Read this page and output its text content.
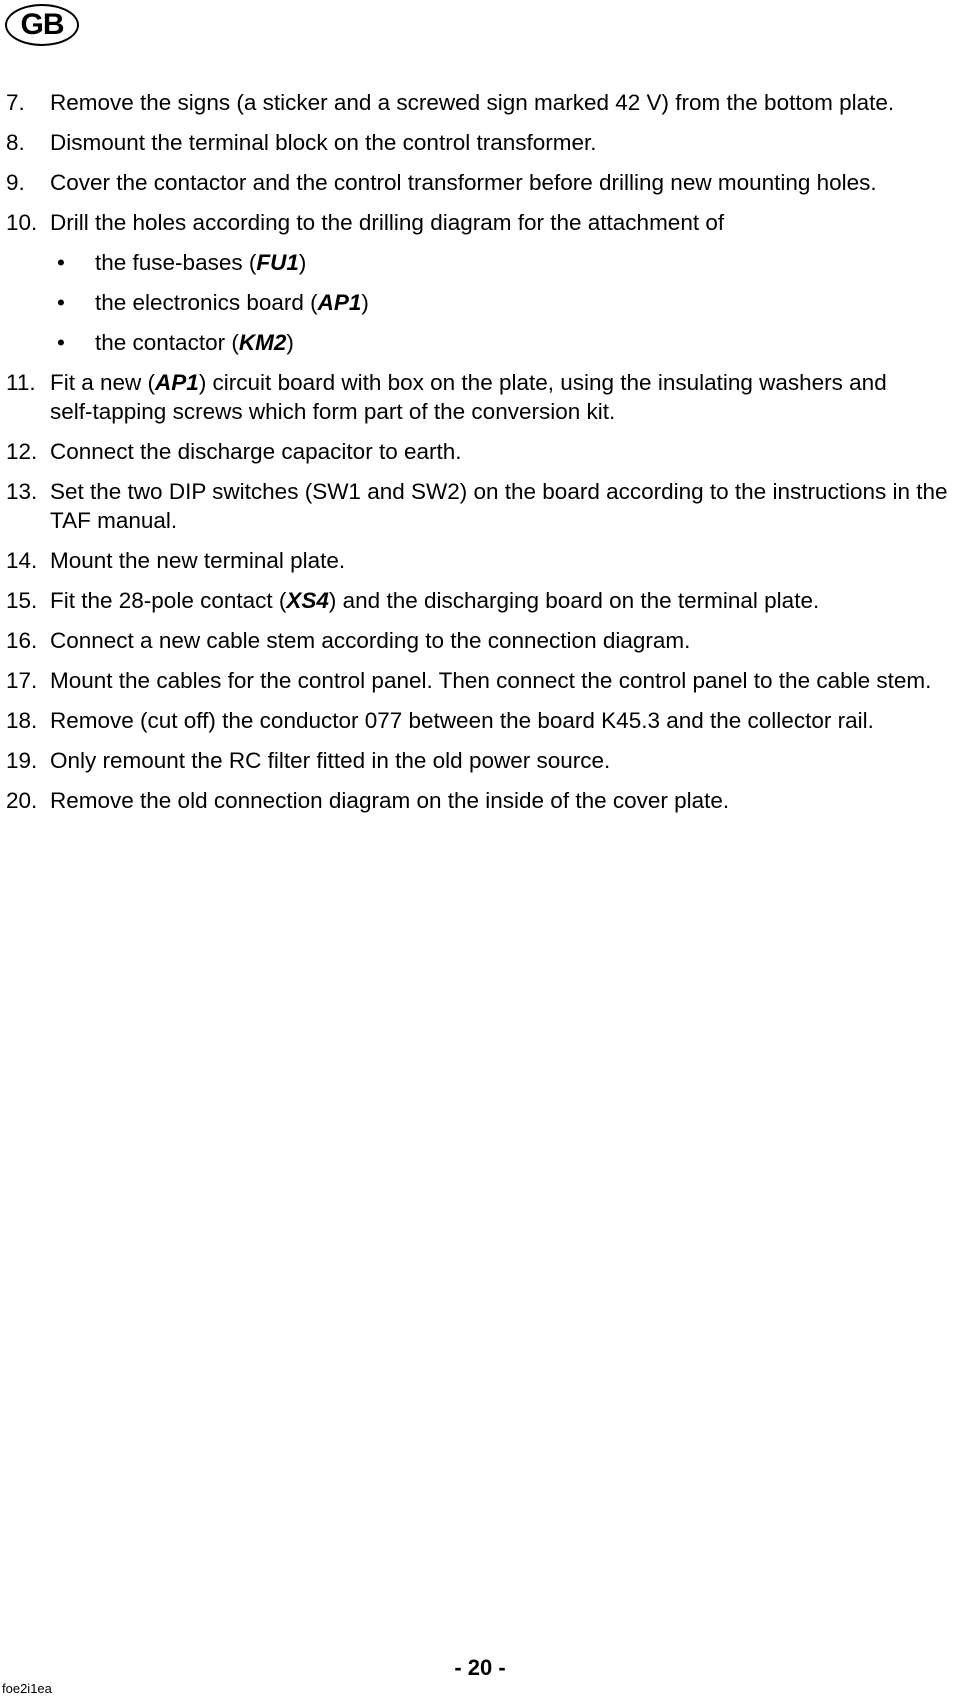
GB
7.	Remove the signs (a sticker and a screwed sign marked 42 V) from the bottom plate.
8.	Dismount the terminal block on the control transformer.
9.	Cover the contactor and the control transformer before drilling new mounting holes.
10. Drill the holes according to the drilling diagram for the attachment of
•	the fuse‑bases (FU1)
•	the electronics board (AP1)
•	the contactor (KM2)
11. Fit a new (AP1) circuit board with box on the plate, using the insulating washers and self‑tapping screws which form part of the conversion kit.
12. Connect the discharge capacitor to earth.
13. Set the two DIP switches (SW1 and SW2) on the board according to the instructions in the TAF manual.
14. Mount the new terminal plate.
15. Fit the 28‑pole contact (XS4) and the discharging board on the terminal plate.
16. Connect a new cable stem according to the connection diagram.
17. Mount the cables for the control panel. Then connect the control panel to the cable stem.
18. Remove (cut off) the conductor 077 between the board K45.3 and the collector rail.
19. Only remount the RC filter fitted in the old power source.
20. Remove the old connection diagram on the inside of the cover plate.
‑ 20 ‑
foe2i1ea
